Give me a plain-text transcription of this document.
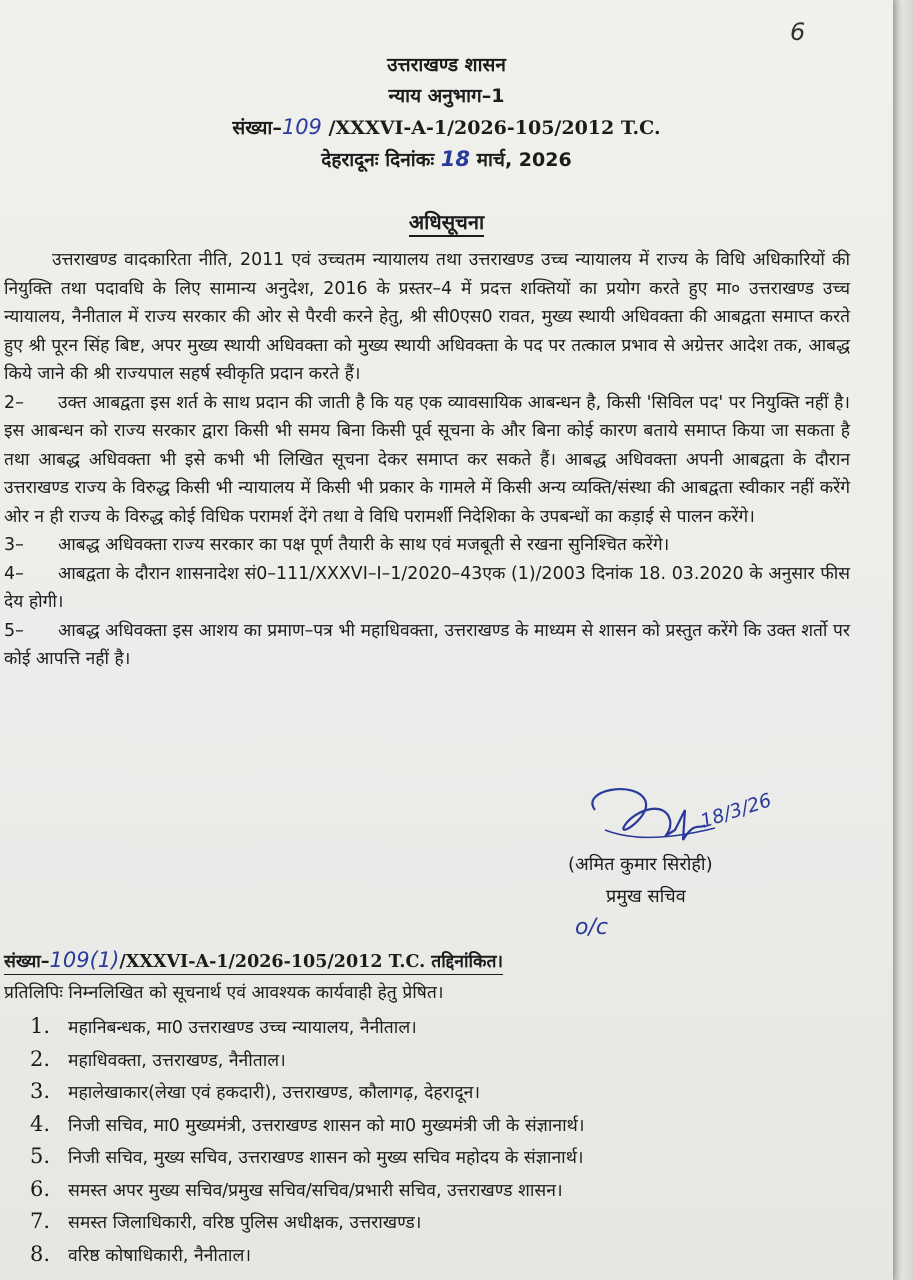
6
उत्तराखण्ड शासन
न्याय अनुभाग–1
संख्या–109 /XXXVI-A-1/2026-105/2012 T.C.
देहरादूनः दिनांकः 18 मार्च, 2026
अधिसूचना

उत्तराखण्ड वादकारिता नीति, 2011 एवं उच्चतम न्यायालय तथा उत्तराखण्ड उच्च न्यायालय में राज्य के विधि अधिकारियों की नियुक्ति तथा पदावधि के लिए सामान्य अनुदेश, 2016 के प्रस्तर–4 में प्रदत्त शक्तियों का प्रयोग करते हुए मा० उत्तराखण्ड उच्च न्यायालय, नैनीताल में राज्य सरकार की ओर से पैरवी करने हेतु, श्री सी0एस0 रावत, मुख्य स्थायी अधिवक्ता की आबद्वता समाप्त करते हुए श्री पूरन सिंह बिष्ट, अपर मुख्य स्थायी अधिवक्ता को मुख्य स्थायी अधिवक्ता के पद पर तत्काल प्रभाव से अग्रेत्तर आदेश तक, आबद्ध किये जाने की श्री राज्यपाल सहर्ष स्वीकृति प्रदान करते हैं।

2– उक्त आबद्वता इस शर्त के साथ प्रदान की जाती है कि यह एक व्यावसायिक आबन्धन है, किसी 'सिविल पद' पर नियुक्ति नहीं है। इस आबन्धन को राज्य सरकार द्वारा किसी भी समय बिना किसी पूर्व सूचना के और बिना कोई कारण बताये समाप्त किया जा सकता है तथा आबद्ध अधिवक्ता भी इसे कभी भी लिखित सूचना देकर समाप्त कर सकते हैं। आबद्ध अधिवक्ता अपनी आबद्वता के दौरान उत्तराखण्ड राज्य के विरुद्ध किसी भी न्यायालय में किसी भी प्रकार के गामले में किसी अन्य व्यक्ति/संस्था की आबद्वता स्वीकार नहीं करेंगे ओर न ही राज्य के विरुद्ध कोई विधिक परामर्श देंगे तथा वे विधि परामर्शी निदेशिका के उपबन्धों का कड़ाई से पालन करेंगे।

3– आबद्ध अधिवक्ता राज्य सरकार का पक्ष पूर्ण तैयारी के साथ एवं मजबूती से रखना सुनिश्चित करेंगे।

4– आबद्वता के दौरान शासनादेश सं0–111/XXXVI–I–1/2020–43एक (1)/2003 दिनांक 18. 03.2020 के अनुसार फीस देय होगी।

5– आबद्ध अधिवक्ता इस आशय का प्रमाण–पत्र भी महाधिवक्ता, उत्तराखण्ड के माध्यम से शासन को प्रस्तुत करेंगे कि उक्त शर्तो पर कोई आपत्ति नहीं है।

18/3/26
(अमित कुमार सिरोही)
प्रमुख सचिव
o/c
संख्या–109(1)/XXXVI-A-1/2026-105/2012 T.C. तद्दिनांकित।
प्रतिलिपिः निम्नलिखित को सूचनार्थ एवं आवश्यक कार्यवाही हेतु प्रेषित।
1. महानिबन्धक, मा0 उत्तराखण्ड उच्च न्यायालय, नैनीताल।
2. महाधिवक्ता, उत्तराखण्ड, नैनीताल।
3. महालेखाकार(लेखा एवं हकदारी), उत्तराखण्ड, कौलागढ़, देहरादून।
4. निजी सचिव, मा0 मुख्यमंत्री, उत्तराखण्ड शासन को मा0 मुख्यमंत्री जी के संज्ञानार्थ।
5. निजी सचिव, मुख्य सचिव, उत्तराखण्ड शासन को मुख्य सचिव महोदय के संज्ञानार्थ।
6. समस्त अपर मुख्य सचिव/प्रमुख सचिव/सचिव/प्रभारी सचिव, उत्तराखण्ड शासन।
7. समस्त जिलाधिकारी, वरिष्ठ पुलिस अधीक्षक, उत्तराखण्ड।
8. वरिष्ठ कोषाधिकारी, नैनीताल।
